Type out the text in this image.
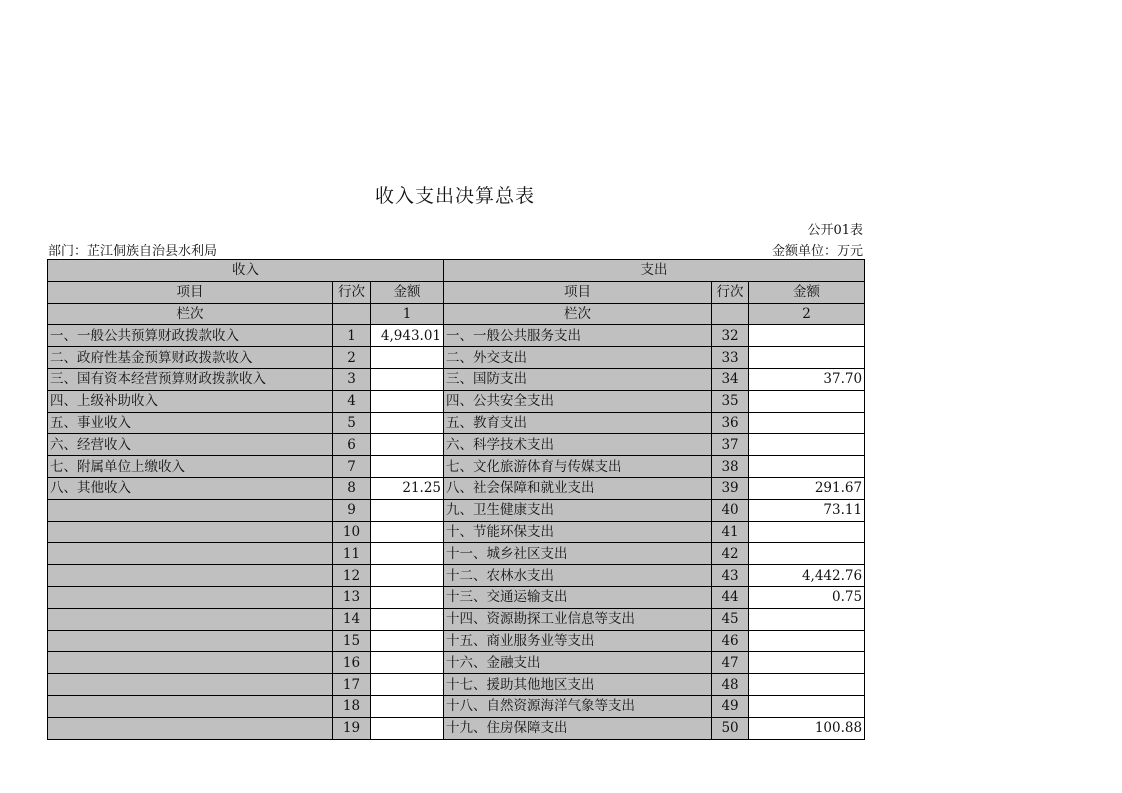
收入支出决算总表
公开01表
部门：芷江侗族自治县水利局	金额单位：万元
收入			支出		
项目	行次	金额	项目	行次	金额
栏次		1	栏次		2
一、一般公共预算财政拨款收入	1	4,943.01	一、一般公共服务支出	32	
二、政府性基金预算财政拨款收入	2		二、外交支出	33	
三、国有资本经营预算财政拨款收入	3		三、国防支出	34	37.70
四、上级补助收入	4		四、公共安全支出	35	
五、事业收入	5		五、教育支出	36	
六、经营收入	6		六、科学技术支出	37	
七、附属单位上缴收入	7		七、文化旅游体育与传媒支出	38	
八、其他收入	8	21.25	八、社会保障和就业支出	39	291.67
	9		九、卫生健康支出	40	73.11
	10		十、节能环保支出	41	
	11		十一、城乡社区支出	42	
	12		十二、农林水支出	43	4,442.76
	13		十三、交通运输支出	44	0.75
	14		十四、资源勘探工业信息等支出	45	
	15		十五、商业服务业等支出	46	
	16		十六、金融支出	47	
	17		十七、援助其他地区支出	48	
	18		十八、自然资源海洋气象等支出	49	
	19		十九、住房保障支出	50	100.88
